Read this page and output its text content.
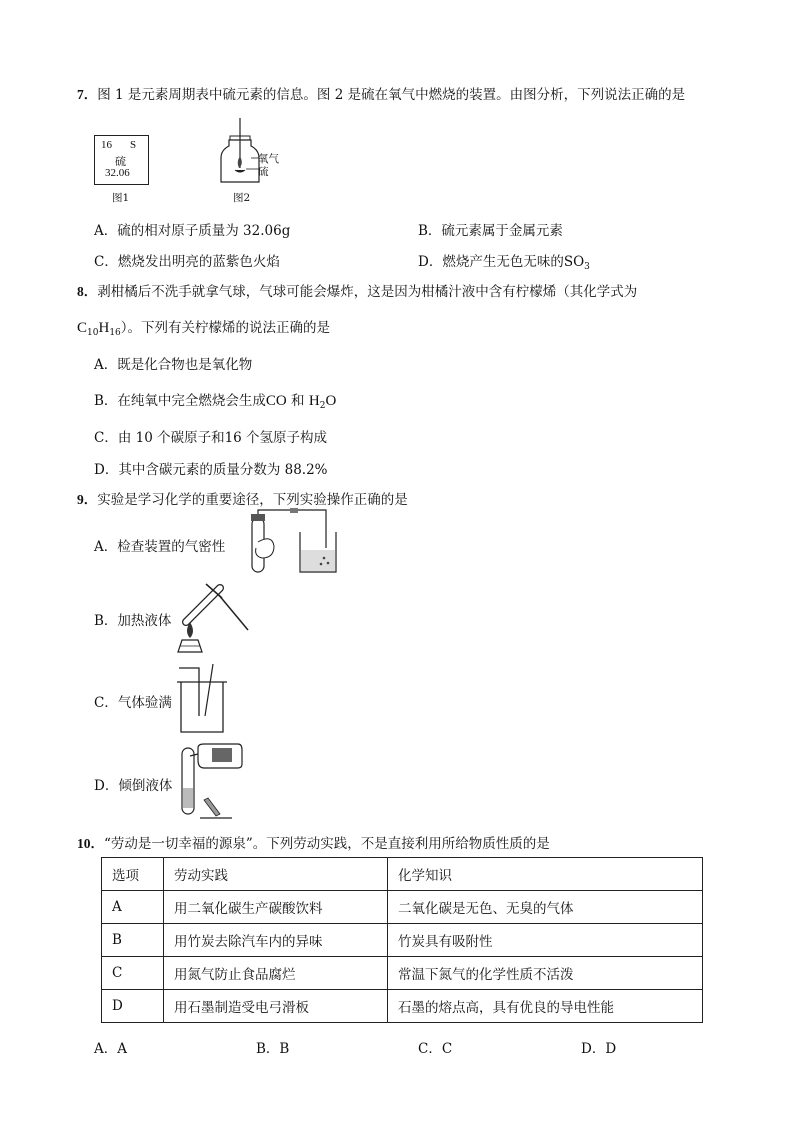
7．图 1 是元素周期表中硫元素的信息。图 2 是硫在氧气中燃烧的装置。由图分析，下列说法正确的是
16 S
硫
32.06
图1
氧气
硫
图2
A．硫的相对原子质量为 32.06g	B．硫元素属于金属元素
C．燃烧发出明亮的蓝紫色火焰	D．燃烧产生无色无味的$SO_3$
8．剥柑橘后不洗手就拿气球，气球可能会爆炸，这是因为柑橘汁液中含有柠檬烯（其化学式为
$C_{10}H_{16}$）。下列有关柠檬烯的说法正确的是
A．既是化合物也是氧化物
B．在纯氧中完全燃烧会生成CO 和 $H_2O$
C．由 10 个碳原子和16 个氢原子构成
D．其中含碳元素的质量分数为 88.2%
9．实验是学习化学的重要途径，下列实验操作正确的是
A．检查装置的气密性
B．加热液体
C．气体验满
D．倾倒液体
10．“劳动是一切幸福的源泉”。下列劳动实践，不是直接利用所给物质性质的是
选项	劳动实践	化学知识
A	用二氧化碳生产碳酸饮料	二氧化碳是无色、无臭的气体
B	用竹炭去除汽车内的异味	竹炭具有吸附性
C	用氮气防止食品腐烂	常温下氮气的化学性质不活泼
D	用石墨制造受电弓滑板	石墨的熔点高，具有优良的导电性能
A．A	B．B	C．C	D．D
